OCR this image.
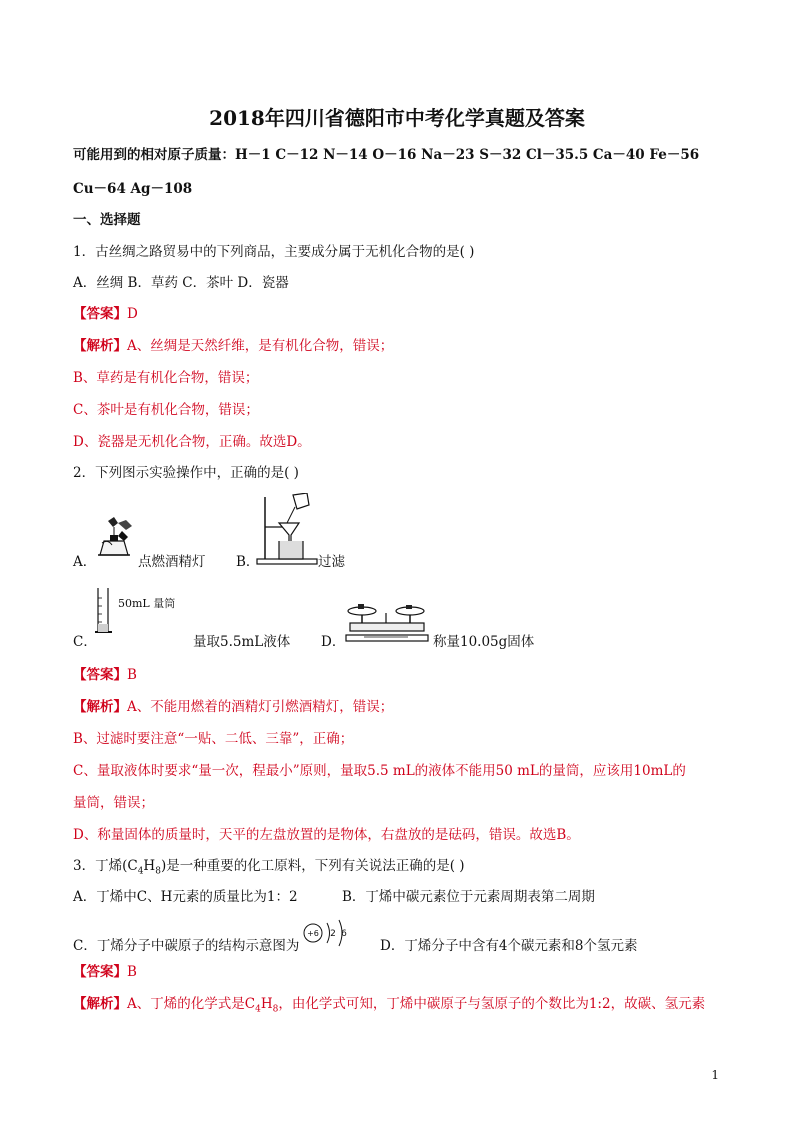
2018年四川省德阳市中考化学真题及答案
可能用到的相对原子质量：H－1 C－12 N－14 O－16 Na－23 S－32 Cl－35.5 Ca－40 Fe－56
Cu－64 Ag－108
一、选择题
1．古丝绸之路贸易中的下列商品，主要成分属于无机化合物的是( )
A．丝绸 B．草药 C．茶叶 D．瓷器
【答案】D
【解析】A、丝绸是天然纤维，是有机化合物，错误；
B、草药是有机化合物，错误；
C、茶叶是有机化合物，错误；
D、瓷器是无机化合物，正确。故选D。
2．下列图示实验操作中，正确的是( )
A．	点燃酒精灯 B．	过滤
C．
50mL 量筒
量取5.5mL液体 D．	称量10.05g固体
【答案】B
【解析】A、不能用燃着的酒精灯引燃酒精灯，错误；
B、过滤时要注意“一贴、二低、三靠”，正确；
C、量取液体时要求“量一次，程最小”原则，量取5.5 mL的液体不能用50 mL的量筒，应该用10mL的
量筒，错误；
D、称量固体的质量时，天平的左盘放置的是物体，右盘放的是砝码，错误。故选B。
3．丁烯$(C_4H_8)$是一种重要的化工原料，下列有关说法正确的是( )
A．丁烯中C、H元素的质量比为1：2	B．丁烯中碳元素位于元素周期表第二周期
C．丁烯分子中碳原子的结构示意图为
+6 2 6
D．丁烯分子中含有4个碳元素和8个氢元素
【答案】B
【解析】A、丁烯的化学式是$C_4H_8$，由化学式可知，丁烯中碳原子与氢原子的个数比为1:2，故碳、氢元素
1
